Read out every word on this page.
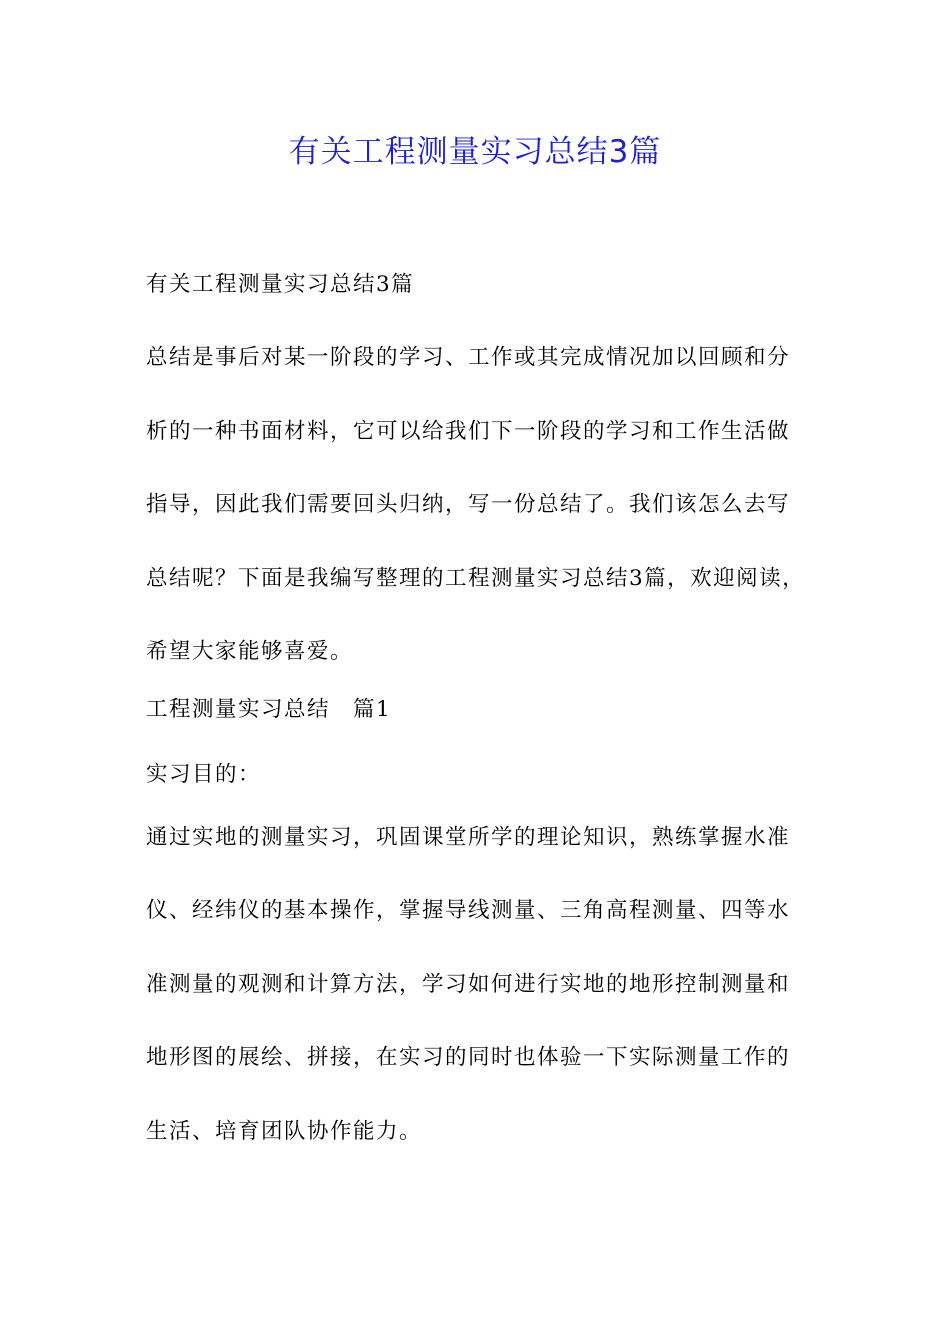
有关工程测量实习总结3篇

有关工程测量实习总结3篇

总结是事后对某一阶段的学习、工作或其完成情况加以回顾和分析的一种书面材料，它可以给我们下一阶段的学习和工作生活做指导，因此我们需要回头归纳，写一份总结了。我们该怎么去写总结呢？下面是我编写整理的工程测量实习总结3篇，欢迎阅读，希望大家能够喜爱。

工程测量实习总结　篇1

实习目的：

通过实地的测量实习，巩固课堂所学的理论知识，熟练掌握水准仪、经纬仪的基本操作，掌握导线测量、三角高程测量、四等水准测量的观测和计算方法，学习如何进行实地的地形控制测量和地形图的展绘、拼接，在实习的同时也体验一下实际测量工作的生活、培育团队协作能力。
